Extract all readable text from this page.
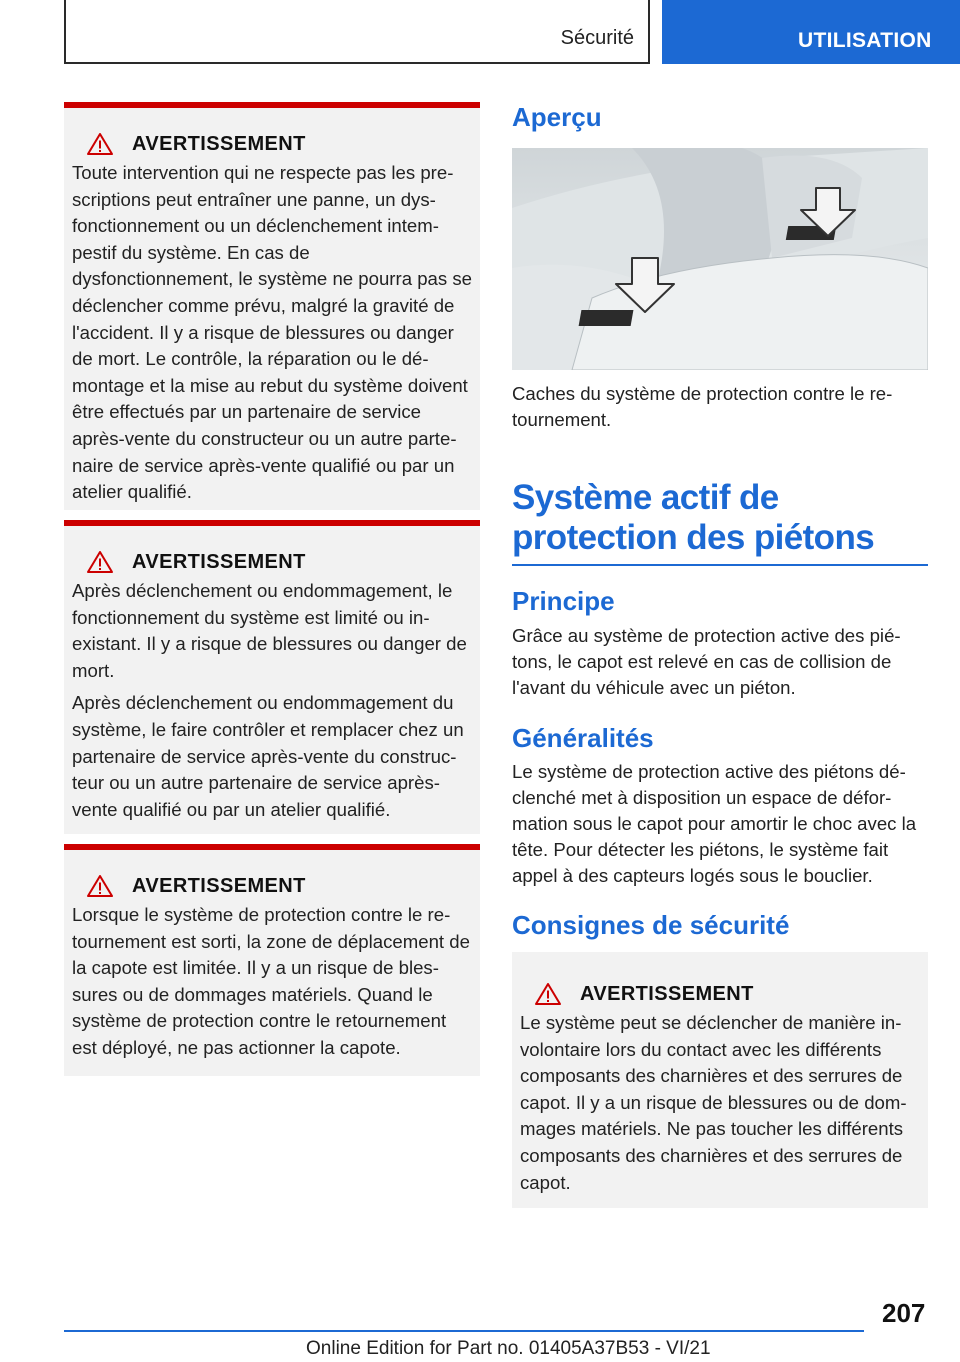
Sécurité	UTILISATION
AVERTISSEMENT

Toute intervention qui ne respecte pas les prescriptions peut entraîner une panne, un dysfonctionnement ou un déclenchement intempestif du système. En cas de dysfonctionnement, le système ne pourra pas se déclencher comme prévu, malgré la gravité de l'accident. Il y a risque de blessures ou danger de mort. Le contrôle, la réparation ou le démontage et la mise au rebut du système doivent être effectués par un partenaire de service après-vente du constructeur ou un autre partenaire de service après-vente qualifié ou par un atelier qualifié.

AVERTISSEMENT

Après déclenchement ou endommagement, le fonctionnement du système est limité ou inexistant. Il y a risque de blessures ou danger de mort.

Après déclenchement ou endommagement du système, le faire contrôler et remplacer chez un partenaire de service après-vente du constructeur ou un autre partenaire de service après-vente qualifié ou par un atelier qualifié.

AVERTISSEMENT

Lorsque le système de protection contre le retournement est sorti, la zone de déplacement de la capote est limitée. Il y a un risque de blessures ou de dommages matériels. Quand le système de protection contre le retournement est déployé, ne pas actionner la capote.

Aperçu
Caches du système de protection contre le retournement.
Système actif de protection des piétons
Principe
Grâce au système de protection active des piétons, le capot est relevé en cas de collision de l'avant du véhicule avec un piéton.
Généralités
Le système de protection active des piétons déclenché met à disposition un espace de déformation sous le capot pour amortir le choc avec la tête. Pour détecter les piétons, le système fait appel à des capteurs logés sous le bouclier.
Consignes de sécurité
AVERTISSEMENT

Le système peut se déclencher de manière involontaire lors du contact avec les différents composants des charnières et des serrures de capot. Il y a un risque de blessures ou de dommages matériels. Ne pas toucher les différents composants des charnières et des serrures de capot.

207
Online Edition for Part no. 01405A37B53 - VI/21
